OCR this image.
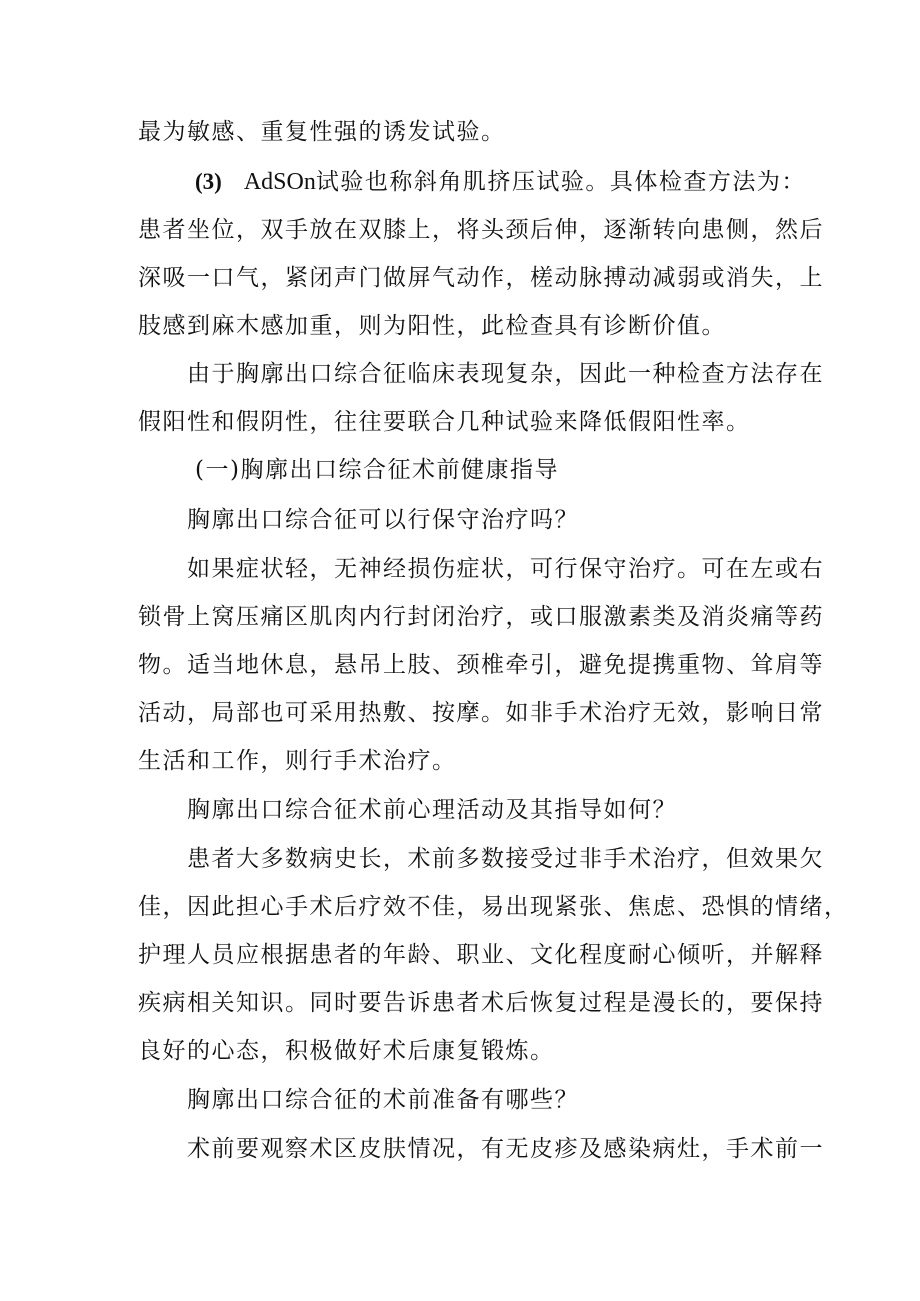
最为敏感、重复性强的诱发试验。
(3) AdSOn试验也称斜角肌挤压试验。具体检查方法为：
患者坐位，双手放在双膝上，将头颈后伸，逐渐转向患侧，然后
深吸一口气，紧闭声门做屏气动作，槎动脉搏动减弱或消失，上
肢感到麻木感加重，则为阳性，此检查具有诊断价值。
由于胸廓出口综合征临床表现复杂，因此一种检查方法存在
假阳性和假阴性，往往要联合几种试验来降低假阳性率。
(一)胸廓出口综合征术前健康指导
胸廓出口综合征可以行保守治疗吗？
如果症状轻，无神经损伤症状，可行保守治疗。可在左或右
锁骨上窝压痛区肌肉内行封闭治疗，或口服激素类及消炎痛等药
物。适当地休息，悬吊上肢、颈椎牵引，避免提携重物、耸肩等
活动，局部也可采用热敷、按摩。如非手术治疗无效，影响日常
生活和工作，则行手术治疗。
胸廓出口综合征术前心理活动及其指导如何？
患者大多数病史长，术前多数接受过非手术治疗，但效果欠
佳，因此担心手术后疗效不佳，易出现紧张、焦虑、恐惧的情绪，
护理人员应根据患者的年龄、职业、文化程度耐心倾听，并解释
疾病相关知识。同时要告诉患者术后恢复过程是漫长的，要保持
良好的心态，积极做好术后康复锻炼。
胸廓出口综合征的术前准备有哪些？
术前要观察术区皮肤情况，有无皮疹及感染病灶，手术前一
